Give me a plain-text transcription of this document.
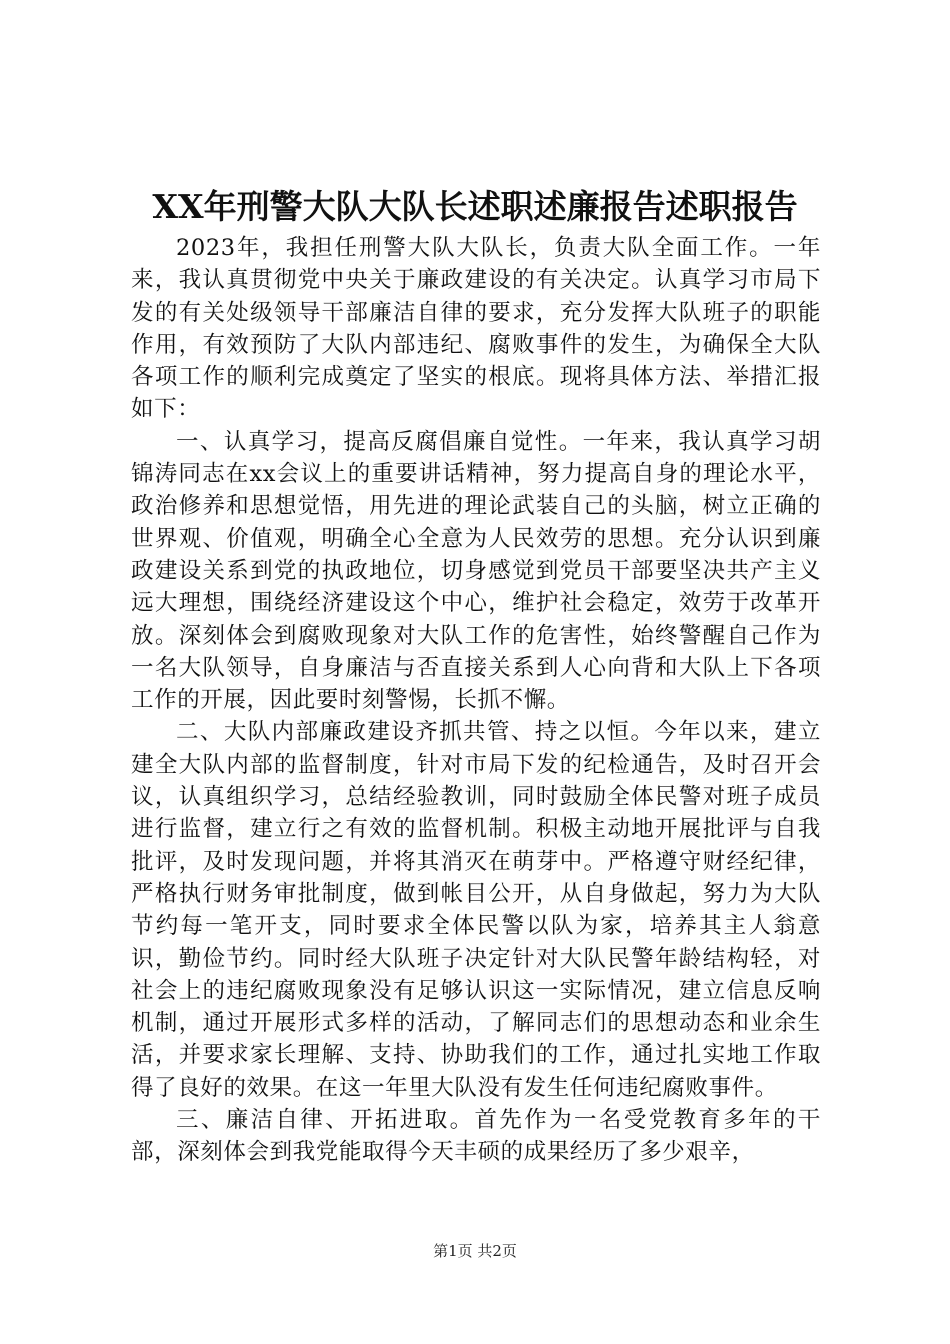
XX年刑警大队大队长述职述廉报告述职报告

2023年，我担任刑警大队大队长，负责大队全面工作。一年来，我认真贯彻党中央关于廉政建设的有关决定。认真学习市局下发的有关处级领导干部廉洁自律的要求，充分发挥大队班子的职能作用，有效预防了大队内部违纪、腐败事件的发生，为确保全大队各项工作的顺利完成奠定了坚实的根底。现将具体方法、举措汇报如下：

一、认真学习，提高反腐倡廉自觉性。一年来，我认真学习胡锦涛同志在xx会议上的重要讲话精神，努力提高自身的理论水平，政治修养和思想觉悟，用先进的理论武装自己的头脑，树立正确的世界观、价值观，明确全心全意为人民效劳的思想。充分认识到廉政建设关系到党的执政地位，切身感觉到党员干部要坚决共产主义远大理想，围绕经济建设这个中心，维护社会稳定，效劳于改革开放。深刻体会到腐败现象对大队工作的危害性，始终警醒自己作为一名大队领导，自身廉洁与否直接关系到人心向背和大队上下各项工作的开展，因此要时刻警惕，长抓不懈。

二、大队内部廉政建设齐抓共管、持之以恒。今年以来，建立建全大队内部的监督制度，针对市局下发的纪检通告，及时召开会议，认真组织学习，总结经验教训，同时鼓励全体民警对班子成员进行监督，建立行之有效的监督机制。积极主动地开展批评与自我批评，及时发现问题，并将其消灭在萌芽中。严格遵守财经纪律，严格执行财务审批制度，做到帐目公开，从自身做起，努力为大队节约每一笔开支，同时要求全体民警以队为家，培养其主人翁意识，勤俭节约。同时经大队班子决定针对大队民警年龄结构轻，对社会上的违纪腐败现象没有足够认识这一实际情况，建立信息反响机制，通过开展形式多样的活动，了解同志们的思想动态和业余生活，并要求家长理解、支持、协助我们的工作，通过扎实地工作取得了良好的效果。在这一年里大队没有发生任何违纪腐败事件。

三、廉洁自律、开拓进取。首先作为一名受党教育多年的干部，深刻体会到我党能取得今天丰硕的成果经历了多少艰辛，

第1页 共2页
